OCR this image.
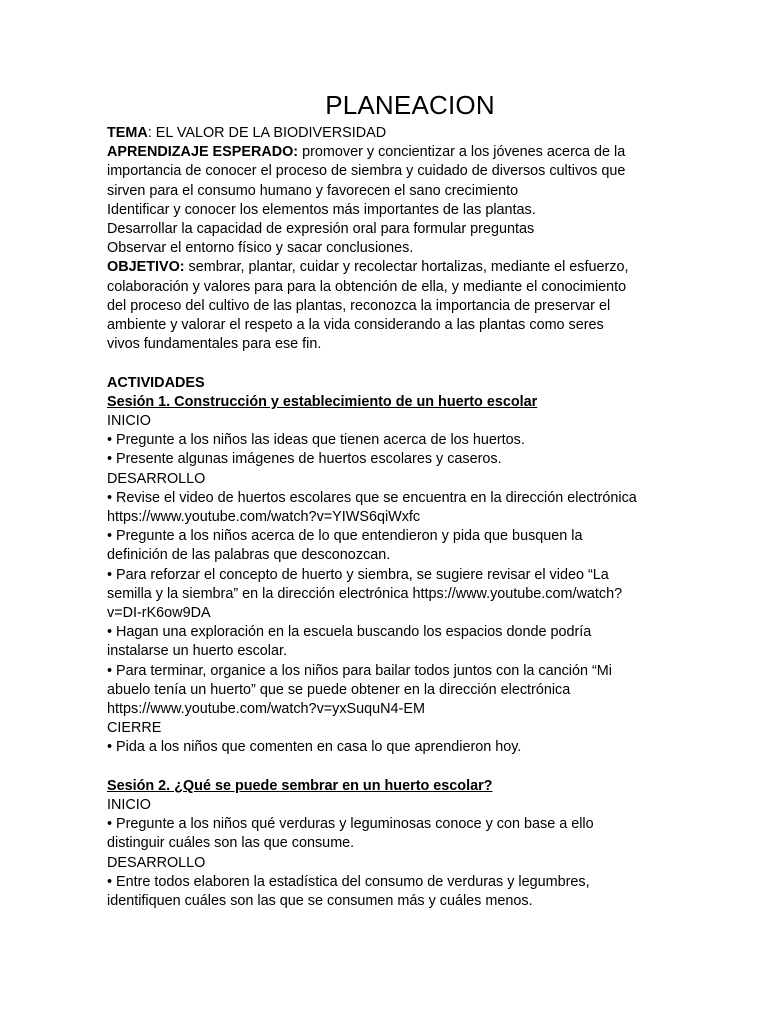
PLANEACION
TEMA: EL VALOR DE LA BIODIVERSIDAD
APRENDIZAJE ESPERADO: promover y concientizar a los jóvenes acerca de la
importancia de conocer el proceso de siembra y cuidado de diversos cultivos que
sirven para el consumo humano y favorecen el sano crecimiento
Identificar y conocer los elementos más importantes de las plantas.
Desarrollar la capacidad de expresión oral para formular preguntas
Observar el entorno físico y sacar conclusiones.
OBJETIVO: sembrar, plantar, cuidar y recolectar hortalizas, mediante el esfuerzo,
colaboración y valores para para la obtención de ella, y mediante el conocimiento
del proceso del cultivo de las plantas, reconozca la importancia de preservar el
ambiente y valorar el respeto a la vida considerando a las plantas como seres
vivos fundamentales para ese fin.
ACTIVIDADES
Sesión 1. Construcción y establecimiento de un huerto escolar
INICIO
• Pregunte a los niños las ideas que tienen acerca de los huertos.
• Presente algunas imágenes de huertos escolares y caseros.
DESARROLLO
• Revise el video de huertos escolares que se encuentra en la dirección electrónica
https://www.youtube.com/watch?v=YIWS6qiWxfc
• Pregunte a los niños acerca de lo que entendieron y pida que busquen la
definición de las palabras que desconozcan.
• Para reforzar el concepto de huerto y siembra, se sugiere revisar el video “La
semilla y la siembra” en la dirección electrónica https://www.youtube.com/watch?
v=DI-rK6ow9DA
• Hagan una exploración en la escuela buscando los espacios donde podría
instalarse un huerto escolar.
• Para terminar, organice a los niños para bailar todos juntos con la canción “Mi
abuelo tenía un huerto” que se puede obtener en la dirección electrónica
https://www.youtube.com/watch?v=yxSuquN4-EM
CIERRE
• Pida a los niños que comenten en casa lo que aprendieron hoy.
Sesión 2. ¿Qué se puede sembrar en un huerto escolar?
INICIO
• Pregunte a los niños qué verduras y leguminosas conoce y con base a ello
distinguir cuáles son las que consume.
DESARROLLO
• Entre todos elaboren la estadística del consumo de verduras y legumbres,
identifiquen cuáles son las que se consumen más y cuáles menos.
